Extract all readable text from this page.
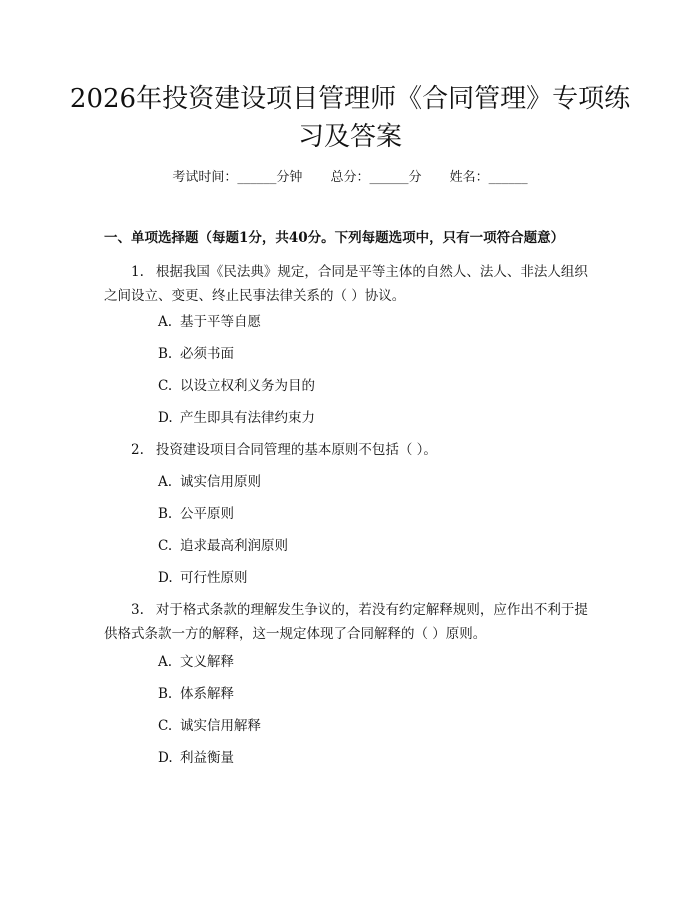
2026年投资建设项目管理师《合同管理》专项练习及答案
考试时间：______分钟 总分：______分 姓名：______
一、单项选择题（每题1分，共40分。下列每题选项中，只有一项符合题意）

1. 根据我国《民法典》规定，合同是平等主体的自然人、法人、非法人组织之间设立、变更、终止民事法律关系的（ ）协议。

A. 基于平等自愿

B. 必须书面

C. 以设立权利义务为目的

D. 产生即具有法律约束力

2. 投资建设项目合同管理的基本原则不包括（ ）。

A. 诚实信用原则

B. 公平原则

C. 追求最高利润原则

D. 可行性原则

3. 对于格式条款的理解发生争议的，若没有约定解释规则，应作出不利于提供格式条款一方的解释，这一规定体现了合同解释的（ ）原则。

A. 文义解释

B. 体系解释

C. 诚实信用解释

D. 利益衡量
